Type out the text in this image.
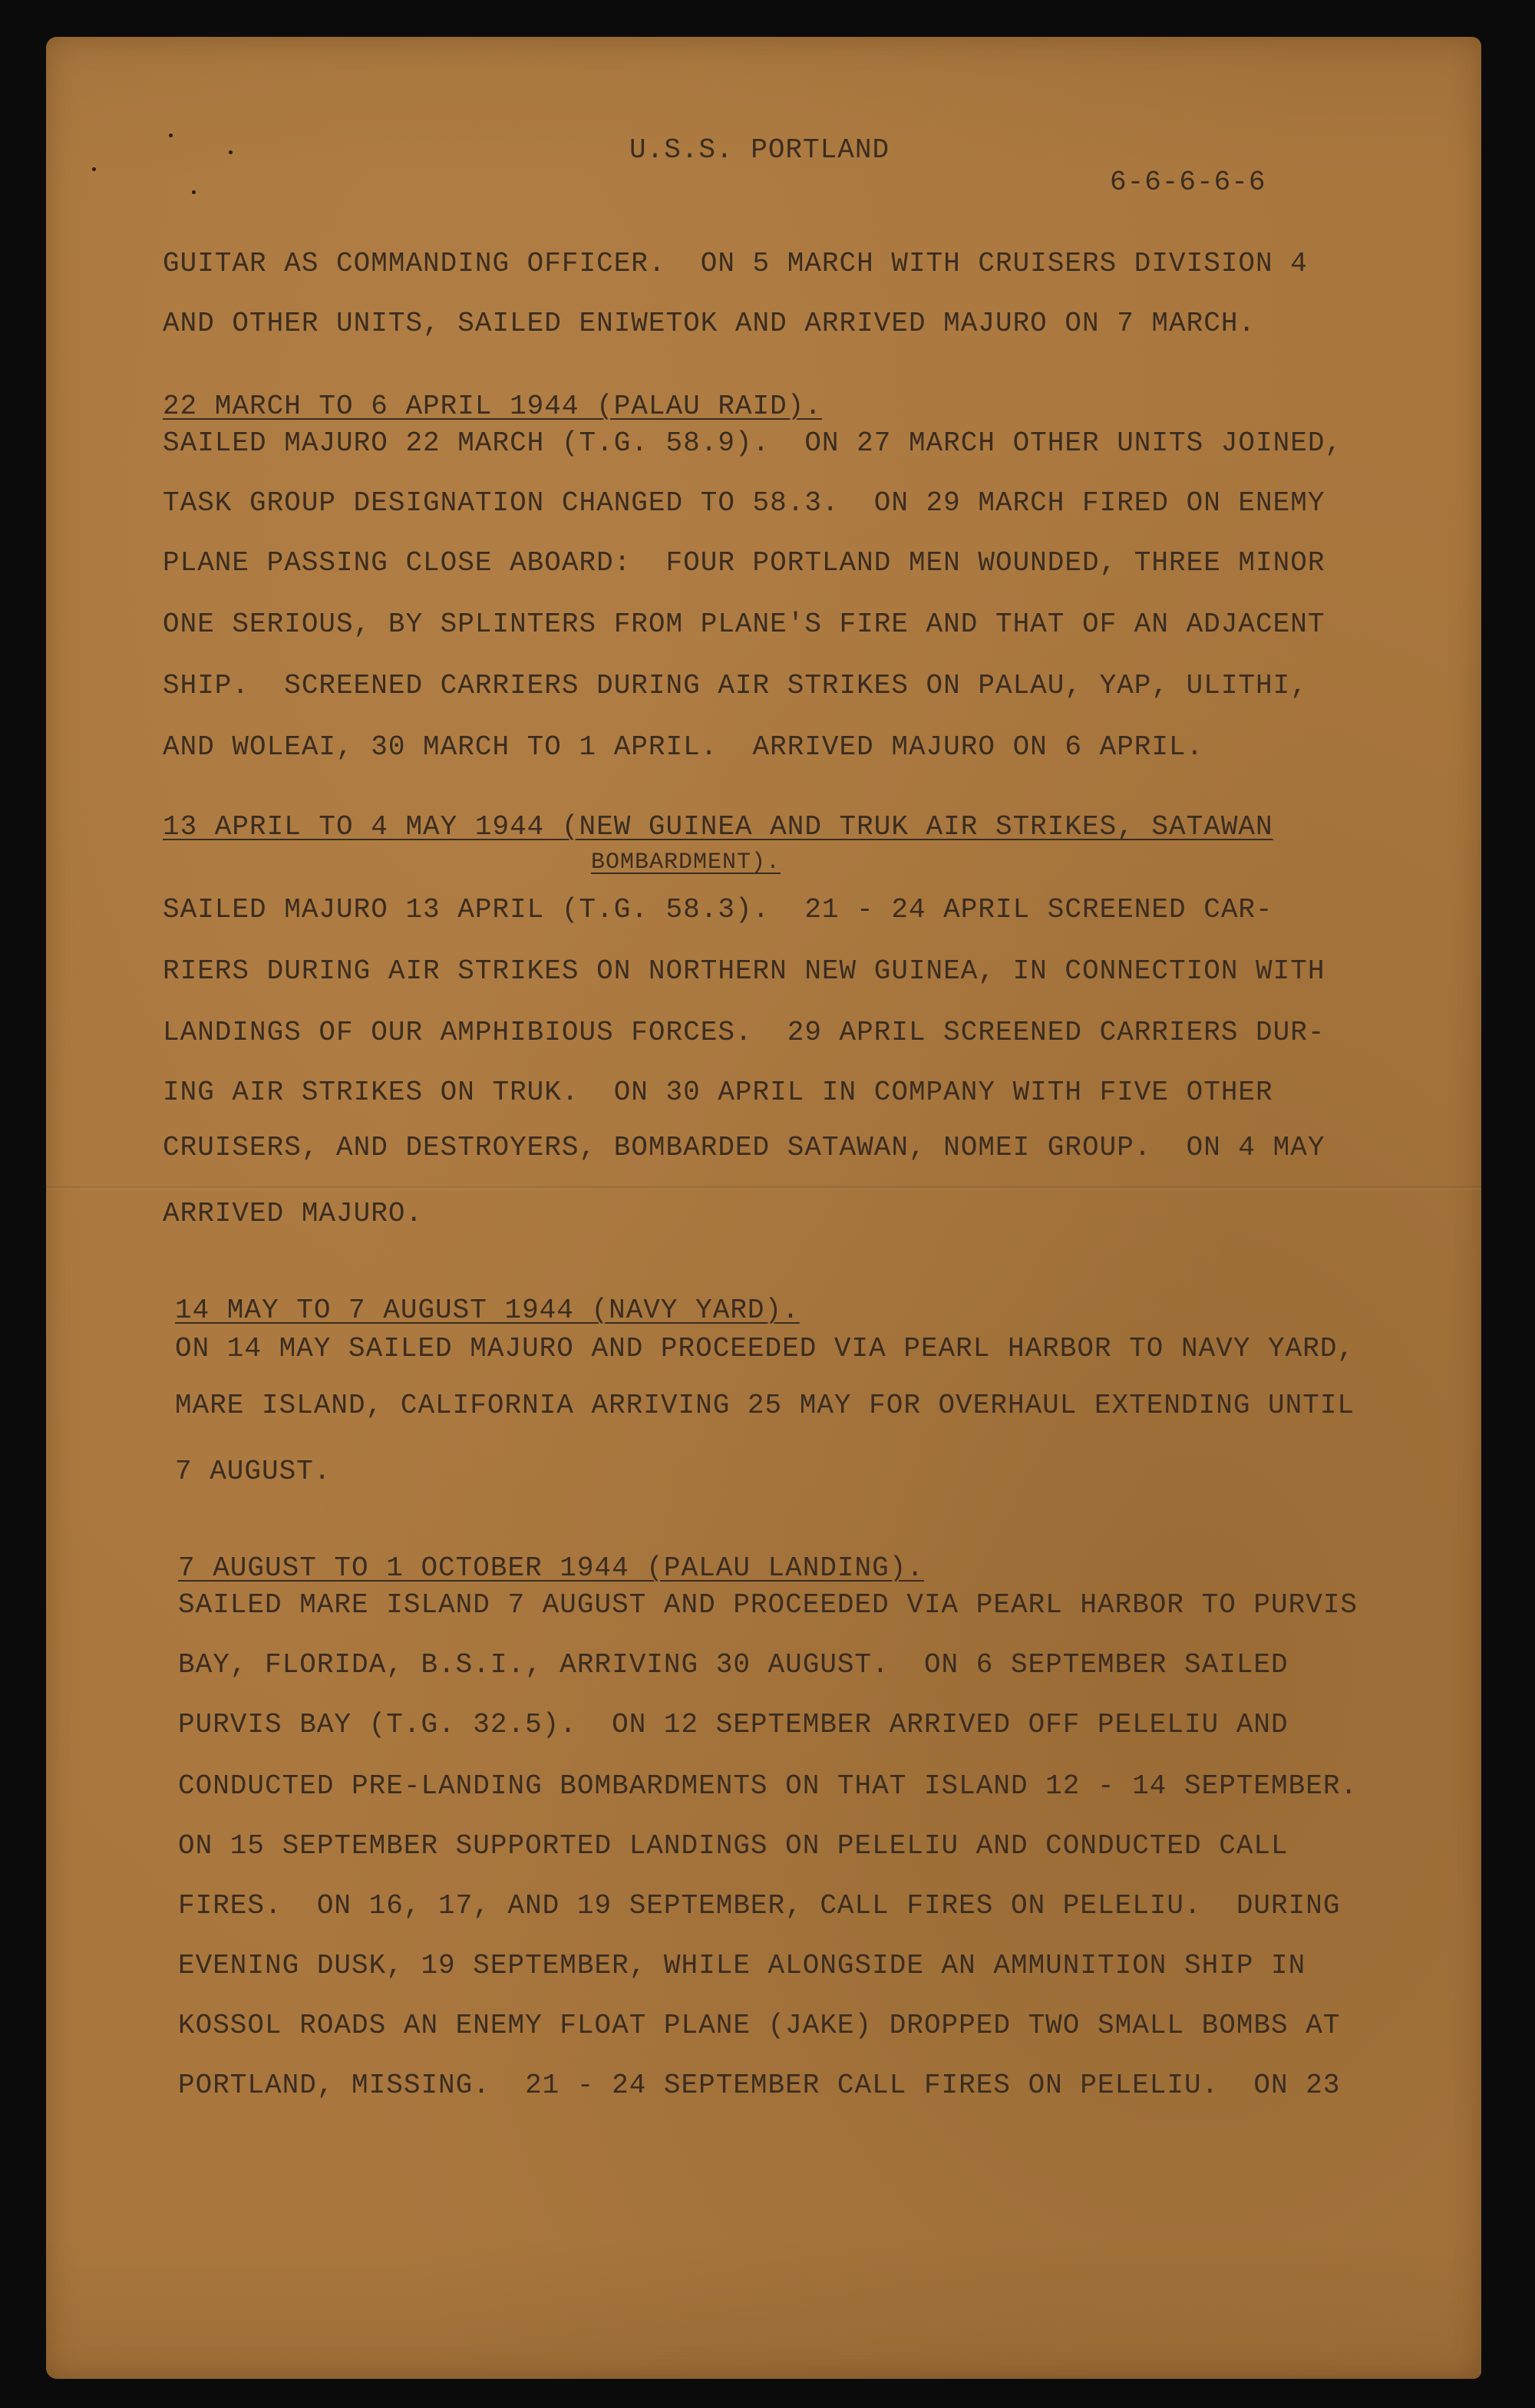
U.S.S. PORTLAND
6-6-6-6-6
GUITAR AS COMMANDING OFFICER.  ON 5 MARCH WITH CRUISERS DIVISION 4
AND OTHER UNITS, SAILED ENIWETOK AND ARRIVED MAJURO ON 7 MARCH.
22 MARCH TO 6 APRIL 1944 (PALAU RAID).
SAILED MAJURO 22 MARCH (T.G. 58.9).  ON 27 MARCH OTHER UNITS JOINED,
TASK GROUP DESIGNATION CHANGED TO 58.3.  ON 29 MARCH FIRED ON ENEMY
PLANE PASSING CLOSE ABOARD:  FOUR PORTLAND MEN WOUNDED, THREE MINOR
ONE SERIOUS, BY SPLINTERS FROM PLANE'S FIRE AND THAT OF AN ADJACENT
SHIP.  SCREENED CARRIERS DURING AIR STRIKES ON PALAU, YAP, ULITHI,
AND WOLEAI, 30 MARCH TO 1 APRIL.  ARRIVED MAJURO ON 6 APRIL.
13 APRIL TO 4 MAY 1944 (NEW GUINEA AND TRUK AIR STRIKES, SATAWAN
BOMBARDMENT).
SAILED MAJURO 13 APRIL (T.G. 58.3).  21 - 24 APRIL SCREENED CAR-
RIERS DURING AIR STRIKES ON NORTHERN NEW GUINEA, IN CONNECTION WITH
LANDINGS OF OUR AMPHIBIOUS FORCES.  29 APRIL SCREENED CARRIERS DUR-
ING AIR STRIKES ON TRUK.  ON 30 APRIL IN COMPANY WITH FIVE OTHER
CRUISERS, AND DESTROYERS, BOMBARDED SATAWAN, NOMEI GROUP.  ON 4 MAY
ARRIVED MAJURO.
14 MAY TO 7 AUGUST 1944 (NAVY YARD).
ON 14 MAY SAILED MAJURO AND PROCEEDED VIA PEARL HARBOR TO NAVY YARD,
MARE ISLAND, CALIFORNIA ARRIVING 25 MAY FOR OVERHAUL EXTENDING UNTIL
7 AUGUST.
7 AUGUST TO 1 OCTOBER 1944 (PALAU LANDING).
SAILED MARE ISLAND 7 AUGUST AND PROCEEDED VIA PEARL HARBOR TO PURVIS
BAY, FLORIDA, B.S.I., ARRIVING 30 AUGUST.  ON 6 SEPTEMBER SAILED
PURVIS BAY (T.G. 32.5).  ON 12 SEPTEMBER ARRIVED OFF PELELIU AND
CONDUCTED PRE-LANDING BOMBARDMENTS ON THAT ISLAND 12 - 14 SEPTEMBER.
ON 15 SEPTEMBER SUPPORTED LANDINGS ON PELELIU AND CONDUCTED CALL
FIRES.  ON 16, 17, AND 19 SEPTEMBER, CALL FIRES ON PELELIU.  DURING
EVENING DUSK, 19 SEPTEMBER, WHILE ALONGSIDE AN AMMUNITION SHIP IN
KOSSOL ROADS AN ENEMY FLOAT PLANE (JAKE) DROPPED TWO SMALL BOMBS AT
PORTLAND, MISSING.  21 - 24 SEPTEMBER CALL FIRES ON PELELIU.  ON 23
